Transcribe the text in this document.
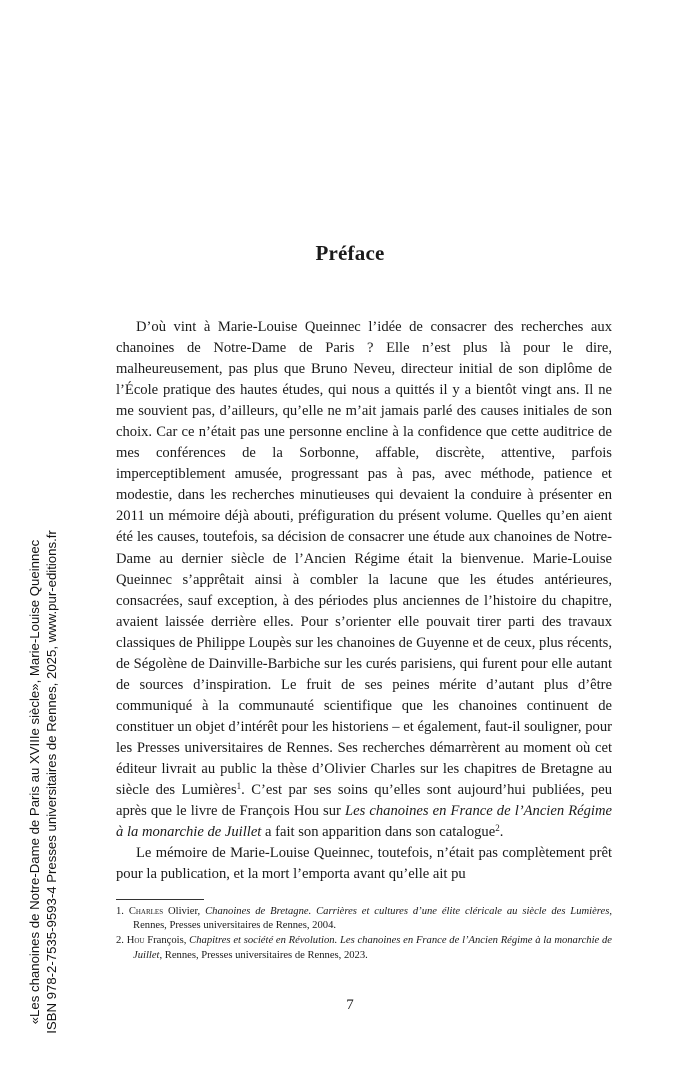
Préface

D’où vint à Marie-Louise Queinnec l’idée de consacrer des recherches aux chanoines de Notre-Dame de Paris ? Elle n’est plus là pour le dire, malheureusement, pas plus que Bruno Neveu, directeur initial de son diplôme de l’École pratique des hautes études, qui nous a quittés il y a bientôt vingt ans. Il ne me souvient pas, d’ailleurs, qu’elle ne m’ait jamais parlé des causes initiales de son choix. Car ce n’était pas une personne encline à la confidence que cette auditrice de mes conférences de la Sorbonne, affable, discrète, attentive, parfois imperceptiblement amusée, progressant pas à pas, avec méthode, patience et modestie, dans les recherches minutieuses qui devaient la conduire à présenter en 2011 un mémoire déjà abouti, préfiguration du présent volume. Quelles qu’en aient été les causes, toutefois, sa décision de consacrer une étude aux chanoines de Notre-Dame au dernier siècle de l’Ancien Régime était la bienvenue. Marie-Louise Queinnec s’apprêtait ainsi à combler la lacune que les études antérieures, consacrées, sauf exception, à des périodes plus anciennes de l’histoire du chapitre, avaient laissée derrière elles. Pour s’orienter elle pouvait tirer parti des travaux classiques de Philippe Loupès sur les chanoines de Guyenne et de ceux, plus récents, de Ségolène de Dainville-Barbiche sur les curés parisiens, qui furent pour elle autant de sources d’inspiration. Le fruit de ses peines mérite d’autant plus d’être communiqué à la communauté scientifique que les chanoines continuent de constituer un objet d’intérêt pour les historiens – et également, faut-il souligner, pour les Presses universitaires de Rennes. Ses recherches démarrèrent au moment où cet éditeur livrait au public la thèse d’Olivier Charles sur les chapitres de Bretagne au siècle des Lumières$^1$. C’est par ses soins qu’elles sont aujourd’hui publiées, peu après que le livre de François Hou sur Les chanoines en France de l’Ancien Régime à la monarchie de Juillet a fait son apparition dans son catalogue$^2$.

Le mémoire de Marie-Louise Queinnec, toutefois, n’était pas complètement prêt pour la publication, et la mort l’emporta avant qu’elle ait pu

1. Charles Olivier, Chanoines de Bretagne. Carrières et cultures d’une élite cléricale au siècle des Lumières, Rennes, Presses universitaires de Rennes, 2004.

2. Hou François, Chapitres et société en Révolution. Les chanoines en France de l’Ancien Régime à la monarchie de Juillet, Rennes, Presses universitaires de Rennes, 2023.

7
«Les chanoines de Notre-Dame de Paris au XVIIIe siècle», Marie-Louise Queinnec ISBN 978-2-7535-9593-4 Presses universitaires de Rennes, 2025, www.pur-editions.fr
